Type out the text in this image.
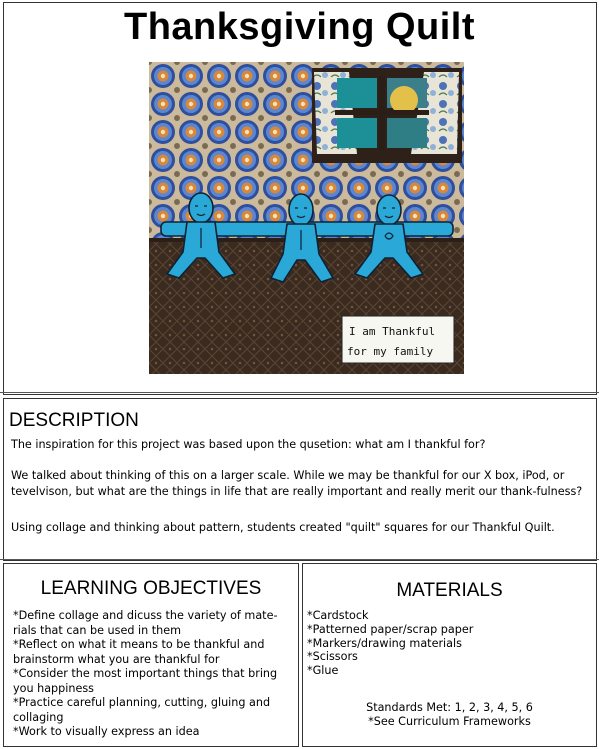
Thanksgiving Quilt
I am Thankful
for my family
DESCRIPTION
The inspiration for this project was based upon the qusetion: what am I thankful for?
We talked about thinking of this on a larger scale. While we may be thankful for our X box, iPod, or tevelvison, but what are the things in life that are really important and really merit our thank-fulness?
Using collage and thinking about pattern, students created "quilt" squares for our Thankful Quilt.
LEARNING OBJECTIVES
*Define collage and dicuss the variety of mate-rials that can be used in them
*Reflect on what it means to be thankful and brainstorm what you are thankful for
*Consider the most important things that bring you happiness
*Practice careful planning, cutting, gluing and collaging
*Work to visually express an idea
MATERIALS
*Cardstock
*Patterned paper/scrap paper
*Markers/drawing materials
*Scissors
*Glue
Standards Met: 1, 2, 3, 4, 5, 6
*See Curriculum Frameworks
